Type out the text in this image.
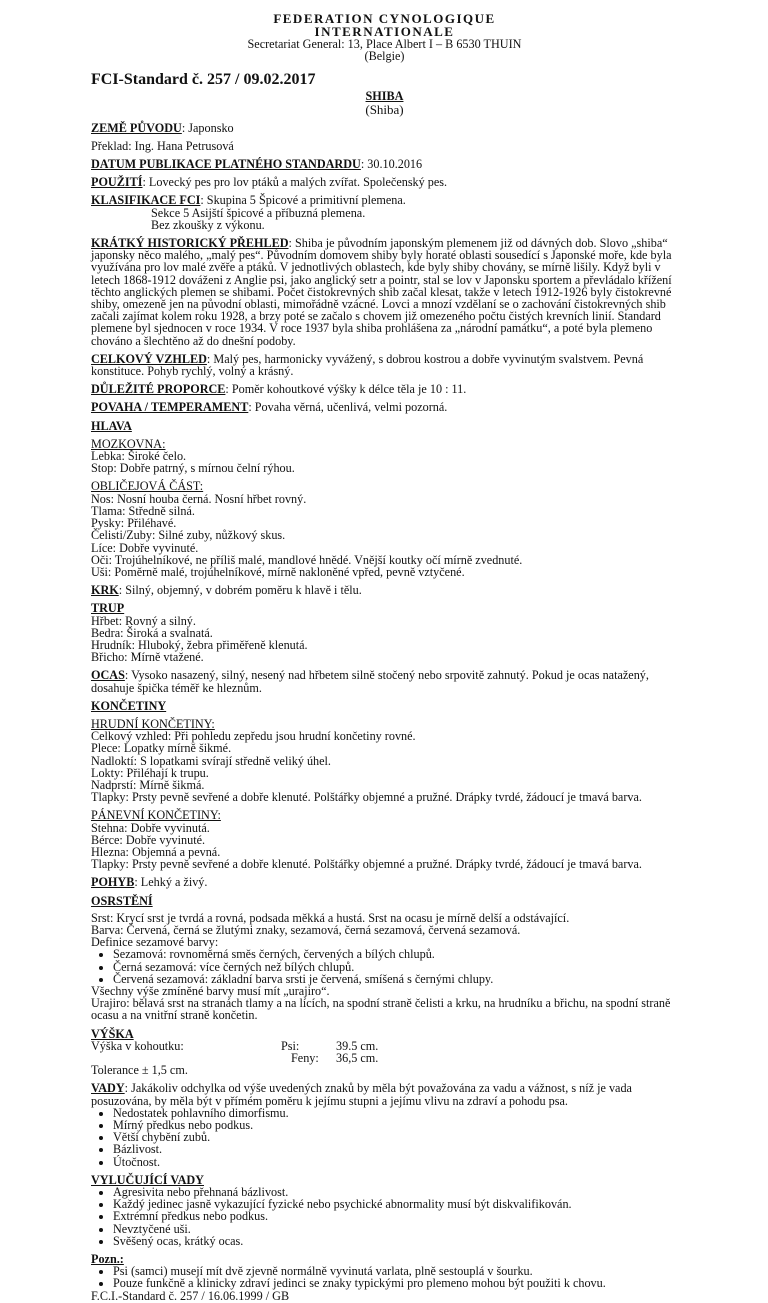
FEDERATION CYNOLOGIQUE
INTERNATIONALE
Secretariat General: 13, Place Albert I – B 6530 THUIN
(Belgie)
FCI-Standard č. 257 / 09.02.2017
SHIBA
(Shiba)
ZEMĚ PŮVODU: Japonsko
Překlad: Ing. Hana Petrusová
DATUM PUBLIKACE PLATNÉHO STANDARDU: 30.10.2016
POUŽITÍ: Lovecký pes pro lov ptáků a malých zvířat. Společenský pes.
KLASIFIKACE FCI: Skupina 5 Špicové a primitivní plemena.
Sekce 5 Asijští špicové a příbuzná plemena.
Bez zkoušky z výkonu.
KRÁTKÝ HISTORICKÝ PŘEHLED: Shiba je původním japonským plemenem již od dávných dob. Slovo „shiba“ japonsky něco malého, „malý pes“. Původním domovem shiby byly horaté oblasti sousedící s Japonské moře, kde byla využívána pro lov malé zvěře a ptáků. V jednotlivých oblastech, kde byly shiby chovány, se mírně lišily. Když byli v letech 1868-1912 dováženi z Anglie psi, jako anglický setr a pointr, stal se lov v Japonsku sportem a převládalo křížení těchto anglických plemen se shibami. Počet čistokrevných shib začal klesat, takže v letech 1912-1926 byly čistokrevné shiby, omezeně jen na původní oblasti, mimořádně vzácné. Lovci a mnozí vzdělaní se o zachování čistokrevných shib začali zajímat kolem roku 1928, a brzy poté se začalo s chovem již omezeného počtu čistých krevních linií. Standard plemene byl sjednocen v roce 1934. V roce 1937 byla shiba prohlášena za „národní památku“, a poté byla plemeno chováno a šlechtěno až do dnešní podoby.
CELKOVÝ VZHLED: Malý pes, harmonicky vyvážený, s dobrou kostrou a dobře vyvinutým svalstvem. Pevná konstituce. Pohyb rychlý, volný a krásný.
DŮLEŽITÉ PROPORCE: Poměr kohoutkové výšky k délce těla je 10 : 11.
POVAHA / TEMPERAMENT: Povaha věrná, učenlivá, velmi pozorná.
HLAVA
MOZKOVNA:
Lebka: Široké čelo.
Stop: Dobře patrný, s mírnou čelní rýhou.
OBLIČEJOVÁ ČÁST:
Nos: Nosní houba černá. Nosní hřbet rovný.
Tlama: Středně silná.
Pysky: Přiléhavé.
Čelisti/Zuby: Silné zuby, nůžkový skus.
Líce: Dobře vyvinuté.
Oči: Trojúhelníkové, ne příliš malé, mandlové hnědé. Vnější koutky očí mírně zvednuté.
Uši: Poměrně malé, trojúhelníkové, mírně nakloněné vpřed, pevně vztyčené.
KRK: Silný, objemný, v dobrém poměru k hlavě i tělu.
TRUP
Hřbet: Rovný a silný.
Bedra: Široká a svalnatá.
Hrudník: Hluboký, žebra přiměřeně klenutá.
Břicho: Mírně vtažené.
OCAS: Vysoko nasazený, silný, nesený nad hřbetem silně stočený nebo srpovitě zahnutý. Pokud je ocas natažený, dosahuje špička téměř ke hleznům.
KONČETINY
HRUDNÍ KONČETINY:
Celkový vzhled: Při pohledu zepředu jsou hrudní končetiny rovné.
Plece: Lopatky mírně šikmé.
Nadloktí: S lopatkami svírají středně veliký úhel.
Lokty: Přiléhají k trupu.
Nadprstí: Mírně šikmá.
Tlapky: Prsty pevně sevřené a dobře klenuté. Polštářky objemné a pružné. Drápky tvrdé, žádoucí je tmavá barva.
PÁNEVNÍ KONČETINY:
Stehna: Dobře vyvinutá.
Bérce: Dobře vyvinuté.
Hlezna: Objemná a pevná.
Tlapky: Prsty pevně sevřené a dobře klenuté. Polštářky objemné a pružné. Drápky tvrdé, žádoucí je tmavá barva.
POHYB: Lehký a živý.
OSRSTĚNÍ
Srst: Krycí srst je tvrdá a rovná, podsada měkká a hustá. Srst na ocasu je mírně delší a odstávající.
Barva: Červená, černá se žlutými znaky, sezamová, černá sezamová, červená sezamová.
Definice sezamové barvy:
• Sezamová: rovnoměrná směs černých, červených a bílých chlupů.
• Černá sezamová: více černých než bílých chlupů.
• Červená sezamová: základní barva srsti je červená, smíšená s černými chlupy.
Všechny výše zmíněné barvy musí mít „urajiro“.
Urajiro: bělavá srst na stranách tlamy a na lících, na spodní straně čelisti a krku, na hrudníku a břichu, na spodní straně ocasu a na vnitřní straně končetin.
VÝŠKA
Výška v kohoutku:	Psi:	39.5 cm.
Feny: 36,5 cm.
Tolerance ± 1,5 cm.
VADY: Jakákoliv odchylka od výše uvedených znaků by měla být považována za vadu a vážnost, s níž je vada posuzována, by měla být v přímém poměru k jejímu stupni a jejímu vlivu na zdraví a pohodu psa.
• Nedostatek pohlavního dimorfismu.
• Mírný předkus nebo podkus.
• Větší chybění zubů.
• Bázlivost.
• Útočnost.
VYLUČUJÍCÍ VADY
• Agresivita nebo přehnaná bázlivost.
• Každý jedinec jasně vykazující fyzické nebo psychické abnormality musí být diskvalifikován.
• Extrémní předkus nebo podkus.
• Nevztyčené uši.
• Svěšený ocas, krátký ocas.
Pozn.:
• Psi (samci) musejí mít dvě zjevně normálně vyvinutá varlata, plně sestouplá v šourku.
• Pouze funkčně a klinicky zdraví jedinci se znaky typickými pro plemeno mohou být použiti k chovu.
F.C.I.-Standard č. 257 / 16.06.1999 / GB
